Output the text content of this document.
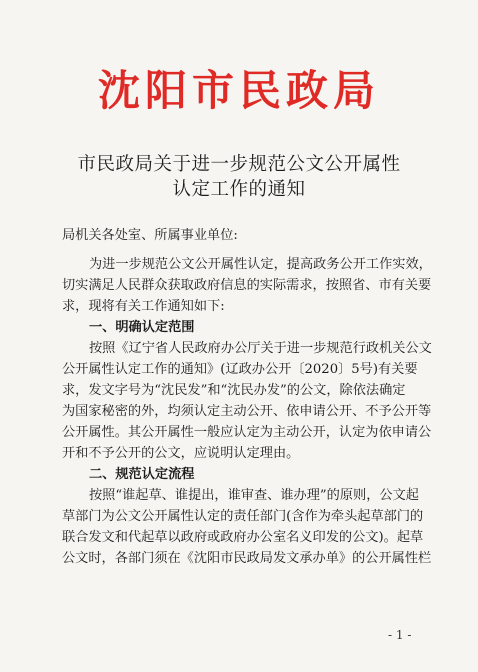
沈阳市民政局
市民政局关于进一步规范公文公开属性
认定工作的通知
局机关各处室、所属事业单位:
为进一步规范公文公开属性认定，提高政务公开工作实效，
切实满足人民群众获取政府信息的实际需求，按照省、市有关要
求，现将有关工作通知如下:
一、明确认定范围
按照《辽宁省人民政府办公厅关于进一步规范行政机关公文
公开属性认定工作的通知》(辽政办公开〔2020〕5号)有关要
求，发文字号为“沈民发”和“沈民办发”的公文，除依法确定
为国家秘密的外，均须认定主动公开、依申请公开、不予公开等
公开属性。其公开属性一般应认定为主动公开，认定为依申请公
开和不予公开的公文，应说明认定理由。
二、规范认定流程
按照“谁起草、谁提出，谁审查、谁办理”的原则，公文起
草部门为公文公开属性认定的责任部门(含作为牵头起草部门的
联合发文和代起草以政府或政府办公室名义印发的公文)。起草
公文时，各部门须在《沈阳市民政局发文承办单》的公开属性栏
- 1 -
